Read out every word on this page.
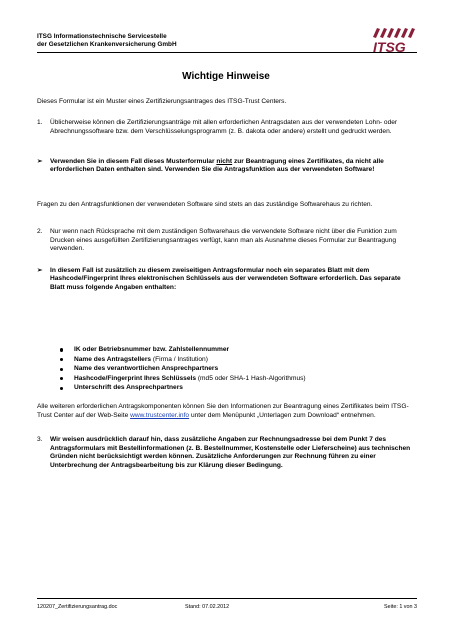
ITSG Informationstechnische Servicestelle
der Gesetzlichen Krankenversicherung GmbH	ITSG
Wichtige Hinweise
Dieses Formular ist ein Muster eines Zertifizierungsantrages des ITSG-Trust Centers.
1. Üblicherweise können die Zertifizierungsanträge mit allen erforderlichen Antragsdaten aus der verwendeten Lohn- oder Abrechnungssoftware bzw. dem Verschlüsselungsprogramm (z. B. dakota oder andere) erstellt und gedruckt werden.
➢ Verwenden Sie in diesem Fall dieses Musterformular nicht zur Beantragung eines Zertifikates, da nicht alle erforderlichen Daten enthalten sind. Verwenden Sie die Antragsfunktion aus der verwendeten Software!
Fragen zu den Antragsfunktionen der verwendeten Software sind stets an das zuständige Softwarehaus zu richten.
2. Nur wenn nach Rücksprache mit dem zuständigen Softwarehaus die verwendete Software nicht über die Funktion zum Drucken eines ausgefüllten Zertifizierungsantrages verfügt, kann man als Ausnahme dieses Formular zur Beantragung verwenden.
➢ In diesem Fall ist zusätzlich zu diesem zweiseitigen Antragsformular noch ein separates Blatt mit dem Hashcode/Fingerprint Ihres elektronischen Schlüssels aus der verwendeten Software erforderlich. Das separate Blatt muss folgende Angaben enthalten:
IK oder Betriebsnummer bzw. Zahlstellennummer
Name des Antragstellers (Firma / Institution)
Name des verantwortlichen Ansprechpartners
Hashcode/Fingerprint Ihres Schlüssels (md5 oder SHA-1 Hash-Algorithmus)
Unterschrift des Ansprechpartners
Alle weiteren erforderlichen Antragskomponenten können Sie den Informationen zur Beantragung eines Zertifikates beim ITSG-Trust Center auf der Web-Seite www.trustcenter.info unter dem Menüpunkt „Unterlagen zum Download“ entnehmen.
3. Wir weisen ausdrücklich darauf hin, dass zusätzliche Angaben zur Rechnungsadresse bei dem Punkt 7 des Antragsformulars mit Bestellinformationen (z. B. Bestellnummer, Kostenstelle oder Lieferscheine) aus technischen Gründen nicht berücksichtigt werden können. Zusätzliche Anforderungen zur Rechnung führen zu einer Unterbrechung der Antragsbearbeitung bis zur Klärung dieser Bedingung.
120207_Zertifizierungsantrag.doc	Stand: 07.02.2012	Seite: 1 von 3
